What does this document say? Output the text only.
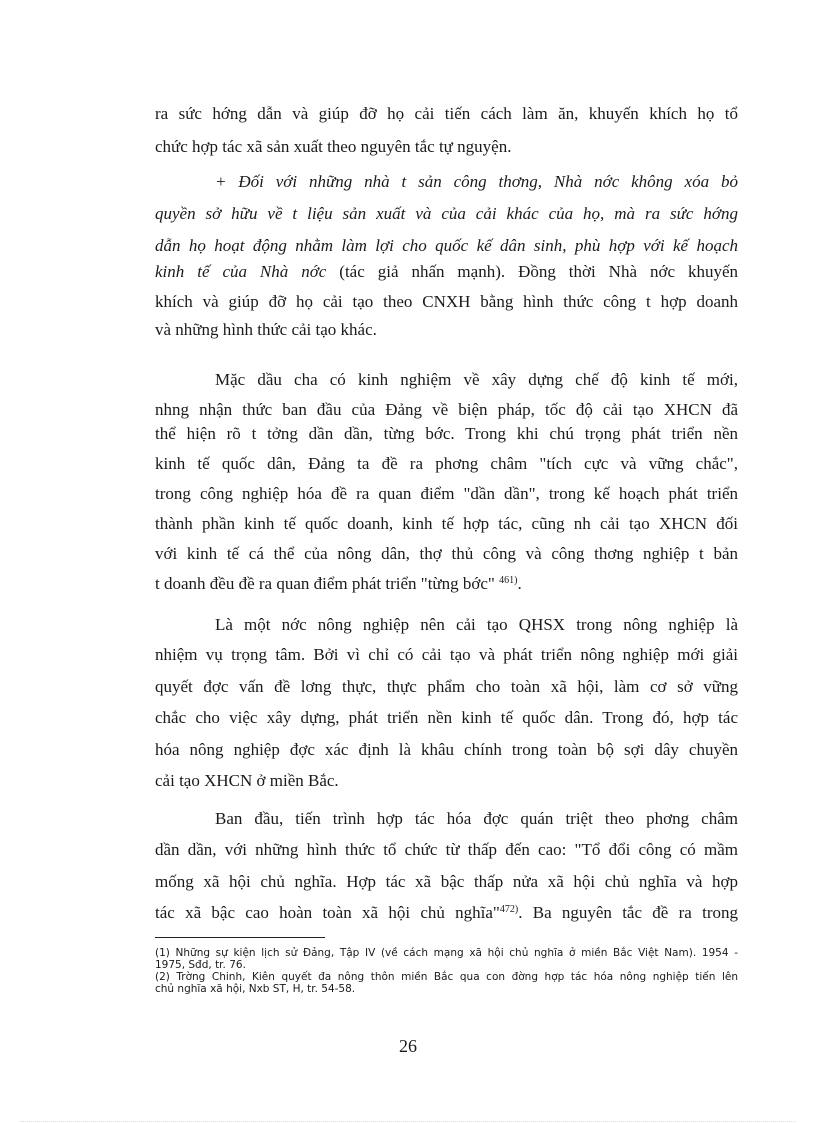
ra sức hớng dẫn và giúp đỡ họ cải tiến cách làm ăn, khuyến khích họ tổ

chức hợp tác xã sản xuất theo nguyên tắc tự nguyện.

+ Đối với những nhà t sản công thơng, Nhà nớc không xóa bỏ

quyền sở hữu về t liệu sản xuất và của cải khác của họ, mà ra sức hớng

dẫn họ hoạt động nhằm làm lợi cho quốc kế dân sinh, phù hợp với kế hoạch

kinh tế của Nhà nớc (tác giả nhấn mạnh). Đồng thời Nhà nớc khuyến

khích và giúp đỡ họ cải tạo theo CNXH bằng hình thức công t hợp doanh

và những hình thức cải tạo khác.

Mặc dầu cha có kinh nghiệm về xây dựng chế độ kinh tế mới,

nhng nhận thức ban đầu của Đảng về biện pháp, tốc độ cải tạo XHCN đã

thể hiện rõ t tởng dần dần, từng bớc. Trong khi chú trọng phát triển nền

kinh tế quốc dân, Đảng ta đề ra phơng châm "tích cực và vững chắc",

trong công nghiệp hóa đề ra quan điểm "dần dần", trong kế hoạch phát triển

thành phần kinh tế quốc doanh, kinh tế hợp tác, cũng nh cải tạo XHCN đối

với kinh tế cá thể của nông dân, thợ thủ công và công thơng nghiệp t bản

t doanh đều đề ra quan điểm phát triển "từng bớc" $^{461)}$.

Là một nớc nông nghiệp nên cải tạo QHSX trong nông nghiệp là

nhiệm vụ trọng tâm. Bởi vì chỉ có cải tạo và phát triển nông nghiệp mới giải

quyết đợc vấn đề lơng thực, thực phẩm cho toàn xã hội, làm cơ sở vững

chắc cho việc xây dựng, phát triển nền kinh tế quốc dân. Trong đó, hợp tác

hóa nông nghiệp đợc xác định là khâu chính trong toàn bộ sợi dây chuyền

cải tạo XHCN ở miền Bắc.

Ban đầu, tiến trình hợp tác hóa đợc quán triệt theo phơng châm

dần dần, với những hình thức tổ chức từ thấp đến cao: "Tổ đổi công có mầm

mống xã hội chủ nghĩa. Hợp tác xã bậc thấp nửa xã hội chủ nghĩa và hợp

tác xã bậc cao hoàn toàn xã hội chủ nghĩa"$^{472)}$. Ba nguyên tắc đề ra trong

(1) Những sự kiện lịch sử Đảng, Tập IV (về cách mạng xã hội chủ nghĩa ở miền Bắc Việt Nam). 1954 -

1975, Sđd, tr. 76.

(2) Trờng Chinh, Kiên quyết đa nông thôn miền Bắc qua con đờng hợp tác hóa nông nghiệp tiến lên

chủ nghĩa xã hội, Nxb ST, H, tr. 54-58.

26
